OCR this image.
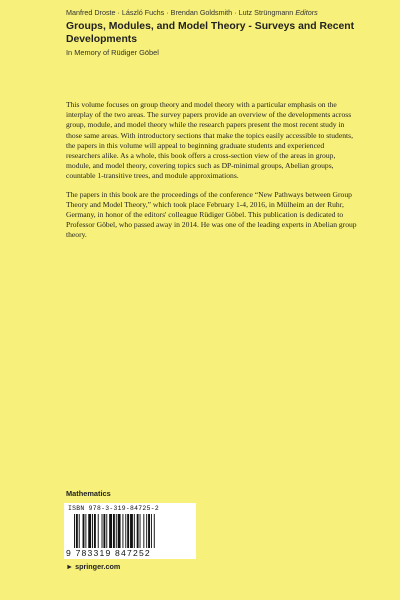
Manfred Droste · László Fuchs · Brendan Goldsmith · Lutz Strüngmann Editors
Groups, Modules, and Model Theory - Surveys and Recent Developments
In Memory of Rüdiger Göbel

This volume focuses on group theory and model theory with a particular emphasis on the interplay of the two areas. The survey papers provide an overview of the developments across group, module, and model theory while the research papers present the most recent study in those same areas. With introductory sections that make the topics easily accessible to students, the papers in this volume will appeal to beginning graduate students and experienced researchers alike. As a whole, this book offers a cross-section view of the areas in group, module, and model theory, covering topics such as DP-minimal groups, Abelian groups, countable 1-transitive trees, and module approximations.

The papers in this book are the proceedings of the conference “New Pathways between Group Theory and Model Theory,” which took place February 1-4, 2016, in Mülheim an der Ruhr, Germany, in honor of the editors' colleague Rüdiger Göbel. This publication is dedicated to Professor Göbel, who passed away in 2014. He was one of the leading experts in Abelian group theory.

Mathematics
ISBN 978-3-319-84725-2
9 783319 847252
► springer.com
